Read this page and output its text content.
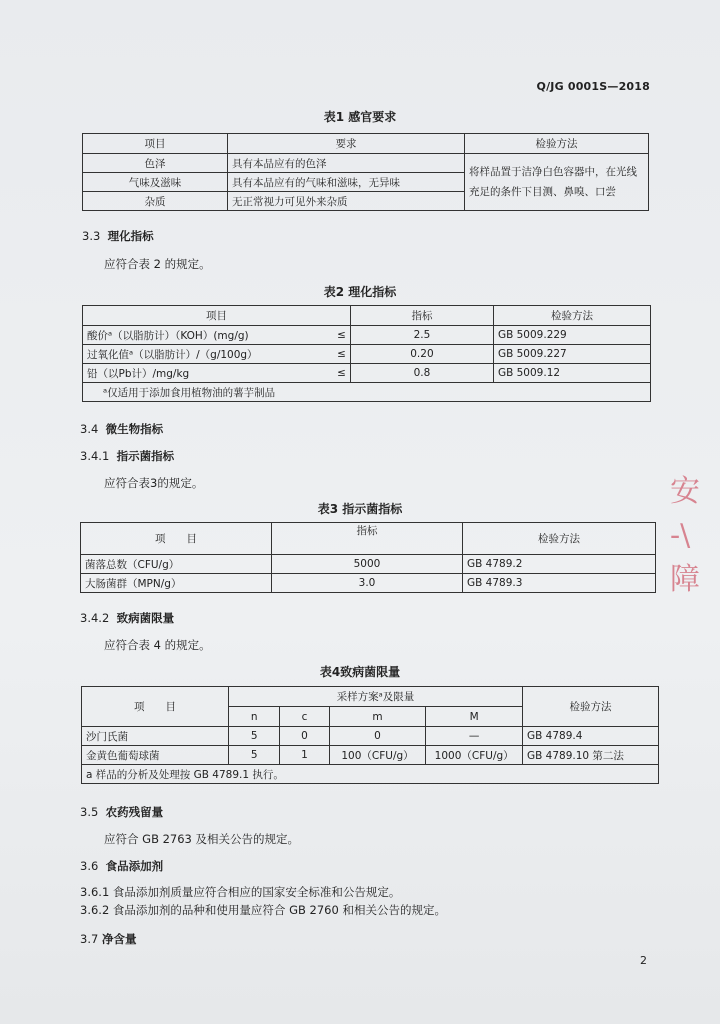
Q/JG 0001S—2018
表1 感官要求
项目	要求	检验方法
色泽	具有本品应有的色泽	将样品置于洁净白色容器中，在光线充足的条件下目测、鼻嗅、口尝
气味及滋味	具有本品应有的气味和滋味，无异味	
杂质	无正常视力可见外来杂质	
3.3 理化指标
应符合表 2 的规定。
表2 理化指标
项目		指标	检验方法
酸价ᵃ（以脂肪计）（KOH）(mg/g)	≤	2.5	GB 5009.229
过氧化值ᵃ（以脂肪计）/（g/100g）	≤	0.20	GB 5009.227
铅（以Pb计）/mg/kg	≤	0.8	GB 5009.12
ᵃ仅适用于添加食用植物油的薯芋制品			
3.4 微生物指标
3.4.1 指示菌指标
应符合表3的规定。
表3 指示菌指标
项　　目	指标	检验方法
菌落总数（CFU/g）	5000	GB 4789.2
大肠菌群（MPN/g）	3.0	GB 4789.3
3.4.2 致病菌限量
应符合表 4 的规定。
表4致病菌限量
项　　目	采样方案ᵃ及限量				检验方法
	n	c	m	M	
沙门氏菌	5	0	0	—	GB 4789.4
金黄色葡萄球菌	5	1	100（CFU/g）	1000（CFU/g）	GB 4789.10 第二法
a 样品的分析及处理按 GB 4789.1 执行。					
3.5 农药残留量
应符合 GB 2763 及相关公告的规定。
3.6 食品添加剂
3.6.1 食品添加剂质量应符合相应的国家安全标准和公告规定。
3.6.2 食品添加剂的品种和使用量应符合 GB 2760 和相关公告的规定。
3.7 净含量
2
安
-\
障
